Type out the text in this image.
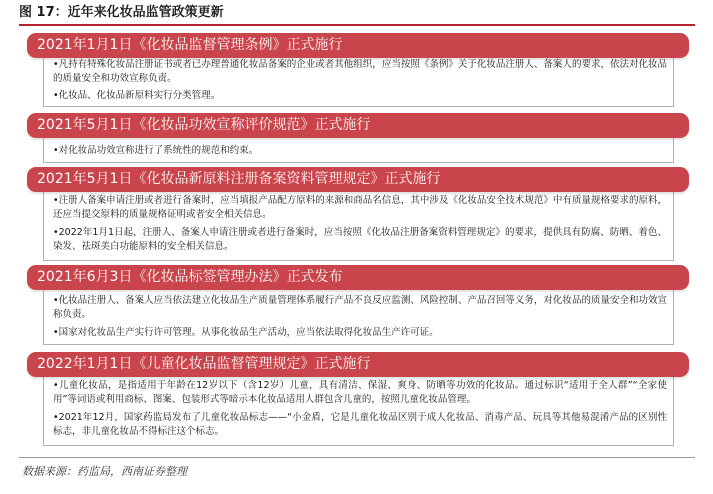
图 17：近年来化妆品监管政策更新
•凡持有特殊化妆品注册证书或者已办理普通化妆品备案的企业或者其他组织，应当按照《条例》关于化妆品注册人、备案人的要求，依法对化妆品的质量安全和功效宣称负责。
•化妆品、化妆品新原料实行分类管理。
2021年1月1日《化妆品监督管理条例》正式施行
•对化妆品功效宣称进行了系统性的规范和约束。
2021年5月1日《化妆品功效宣称评价规范》正式施行
•注册人备案申请注册或者进行备案时，应当填报产品配方原料的来源和商品名信息，其中涉及《化妆品安全技术规范》中有质量规格要求的原料，还应当提交原料的质量规格证明或者安全相关信息。
•2022年1月1日起，注册人、备案人申请注册或者进行备案时，应当按照《化妆品注册备案资料管理规定》的要求，提供具有防腐、防晒、着色、染发、祛斑美白功能原料的安全相关信息。
2021年5月1日《化妆品新原料注册备案资料管理规定》正式施行
•化妆品注册人、备案人应当依法建立化妆品生产质量管理体系履行产品不良反应监测、风险控制、产品召回等义务，对化妆品的质量安全和功效宣称负责。
•国家对化妆品生产实行许可管理。从事化妆品生产活动，应当依法取得化妆品生产许可证。
2021年6月3日《化妆品标签管理办法》正式发布
•儿童化妆品，是指适用于年龄在12岁以下（含12岁）儿童，具有清洁、保湿、爽身、防晒等功效的化妆品。通过标识“适用于全人群”“全家使用”等词语或利用商标、图案、包装形式等暗示本化妆品适用人群包含儿童的，按照儿童化妆品管理。
•2021年12月，国家药监局发布了儿童化妆品标志——“小金盾，它是儿童化妆品区别于成人化妆品、消毒产品、玩具等其他易混淆产品的区别性标志，非儿童化妆品不得标注这个标志。
2022年1月1日《儿童化妆品监督管理规定》正式施行
数据来源：药监局，西南证券整理
